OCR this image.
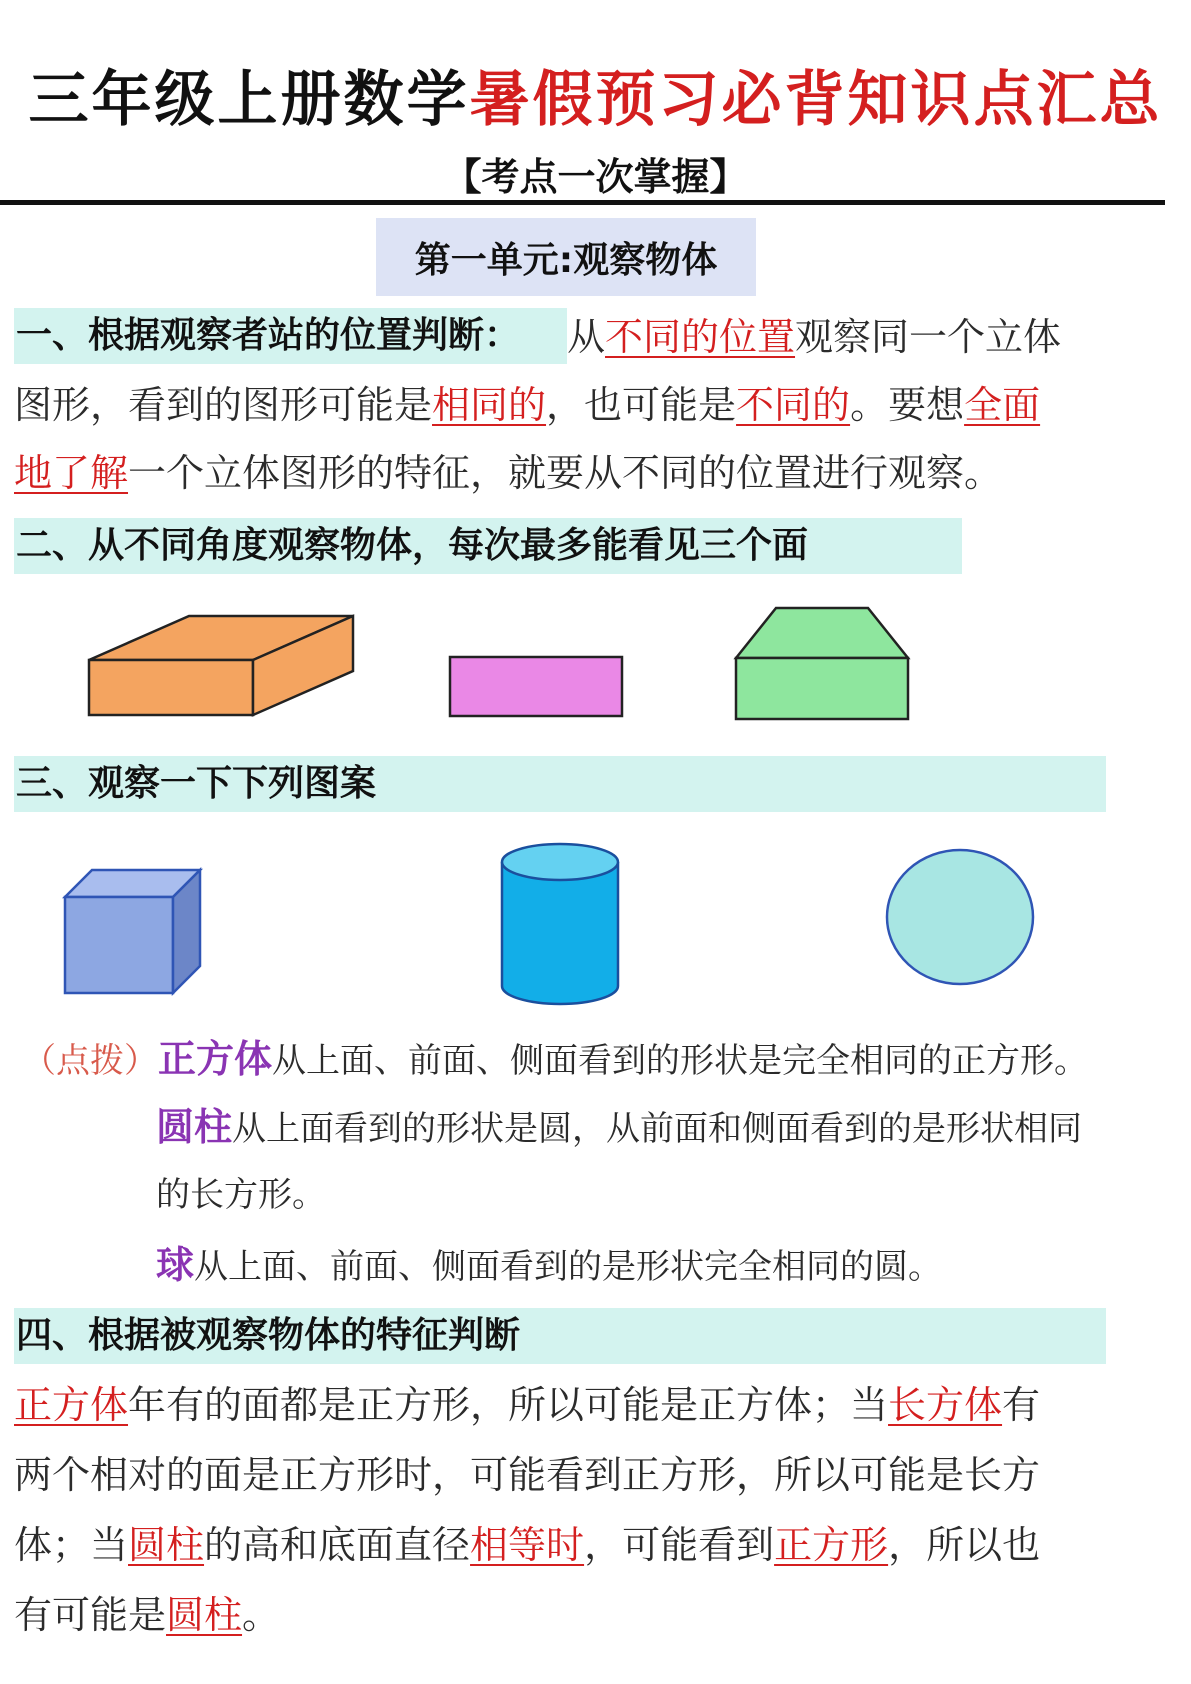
三年级上册数学暑假预习必背知识点汇总
【考点一次掌握】
第一单元:观察物体
一、根据观察者站的位置判断：	从不同的位置观察同一个立体
图形，看到的图形可能是相同的，也可能是不同的。要想全面
地了解一个立体图形的特征，就要从不同的位置进行观察。
二、从不同角度观察物体，每次最多能看见三个面
三、观察一下下列图案
（点拨）正方体从上面、前面、侧面看到的形状是完全相同的正方形。
圆柱从上面看到的形状是圆，从前面和侧面看到的是形状相同
的长方形。
球从上面、前面、侧面看到的是形状完全相同的圆。
四、根据被观察物体的特征判断
正方体年有的面都是正方形，所以可能是正方体；当长方体有
两个相对的面是正方形时，可能看到正方形，所以可能是长方
体；当圆柱的高和底面直径相等时，可能看到正方形，所以也
有可能是圆柱。
